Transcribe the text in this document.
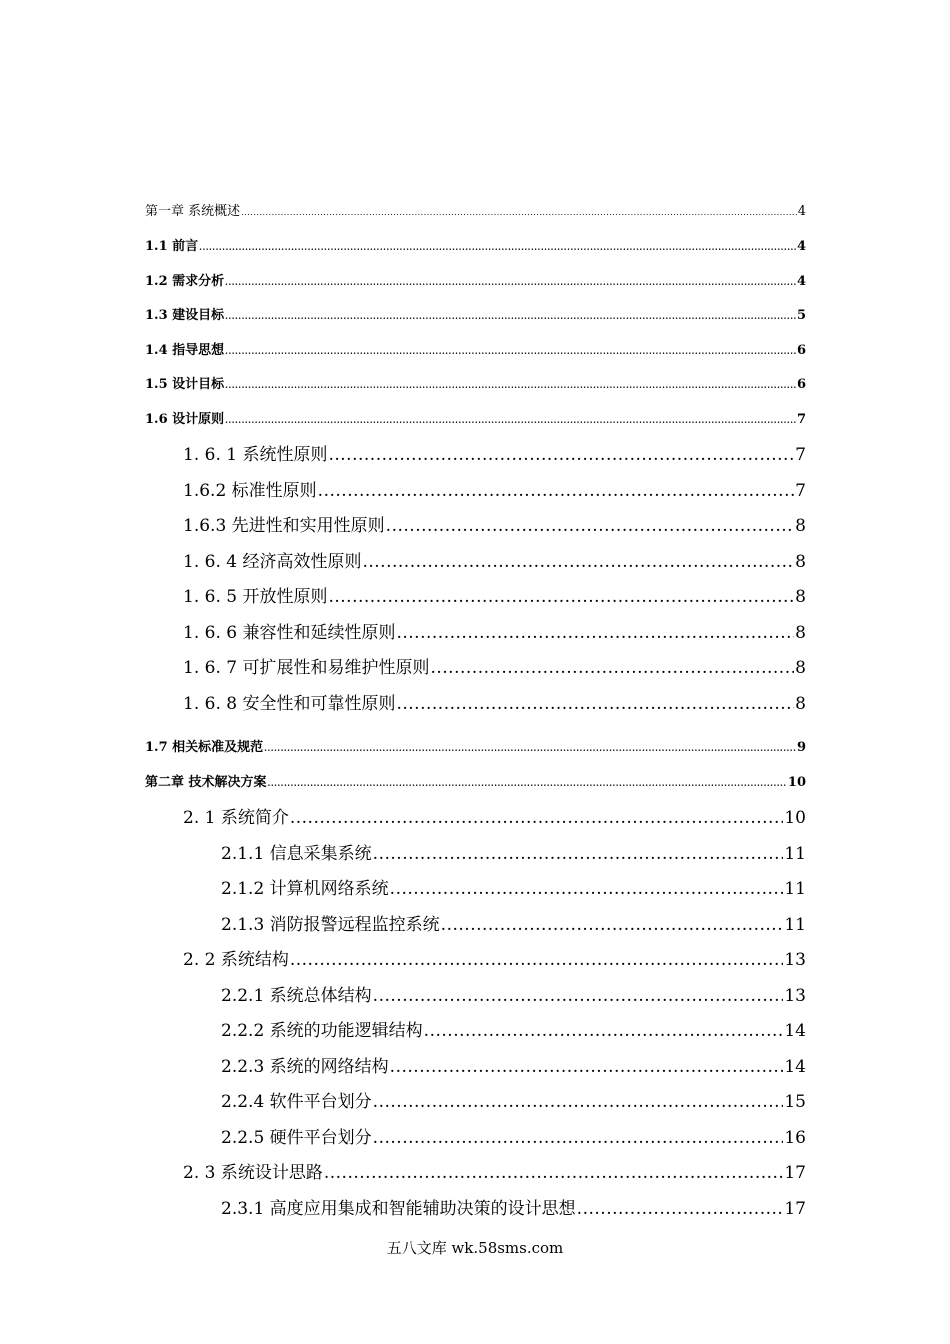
第一章 系统概述 .....	4
1.1 前言 .....	4
1.2 需求分析 .....	4
1.3 建设目标 .....	5
1.4 指导思想 .....	6
1.5 设计目标 .....	6
1.6 设计原则 .....	7
1. 6. 1 系统性原则 .....	7
1.6.2 标准性原则 .....	7
1.6.3 先进性和实用性原则 .....	8
1. 6. 4 经济高效性原则 .....	8
1. 6. 5 开放性原则 .....	8
1. 6. 6 兼容性和延续性原则 .....	8
1. 6. 7 可扩展性和易维护性原则 .....	8
1. 6. 8 安全性和可靠性原则 .....	8
1.7 相关标准及规范 .....	9
第二章 技术解决方案 .....	10
2. 1 系统简介 .....	10
2.1.1 信息采集系统 .....	11
2.1.2 计算机网络系统 .....	11
2.1.3 消防报警远程监控系统 .....	11
2. 2 系统结构 .....	13
2.2.1 系统总体结构 .....	13
2.2.2 系统的功能逻辑结构 .....	14
2.2.3 系统的网络结构 .....	14
2.2.4 软件平台划分 .....	15
2.2.5 硬件平台划分 .....	16
2. 3 系统设计思路 .....	17
2.3.1 高度应用集成和智能辅助决策的设计思想 .....	17
五八文库 wk.58sms.com
